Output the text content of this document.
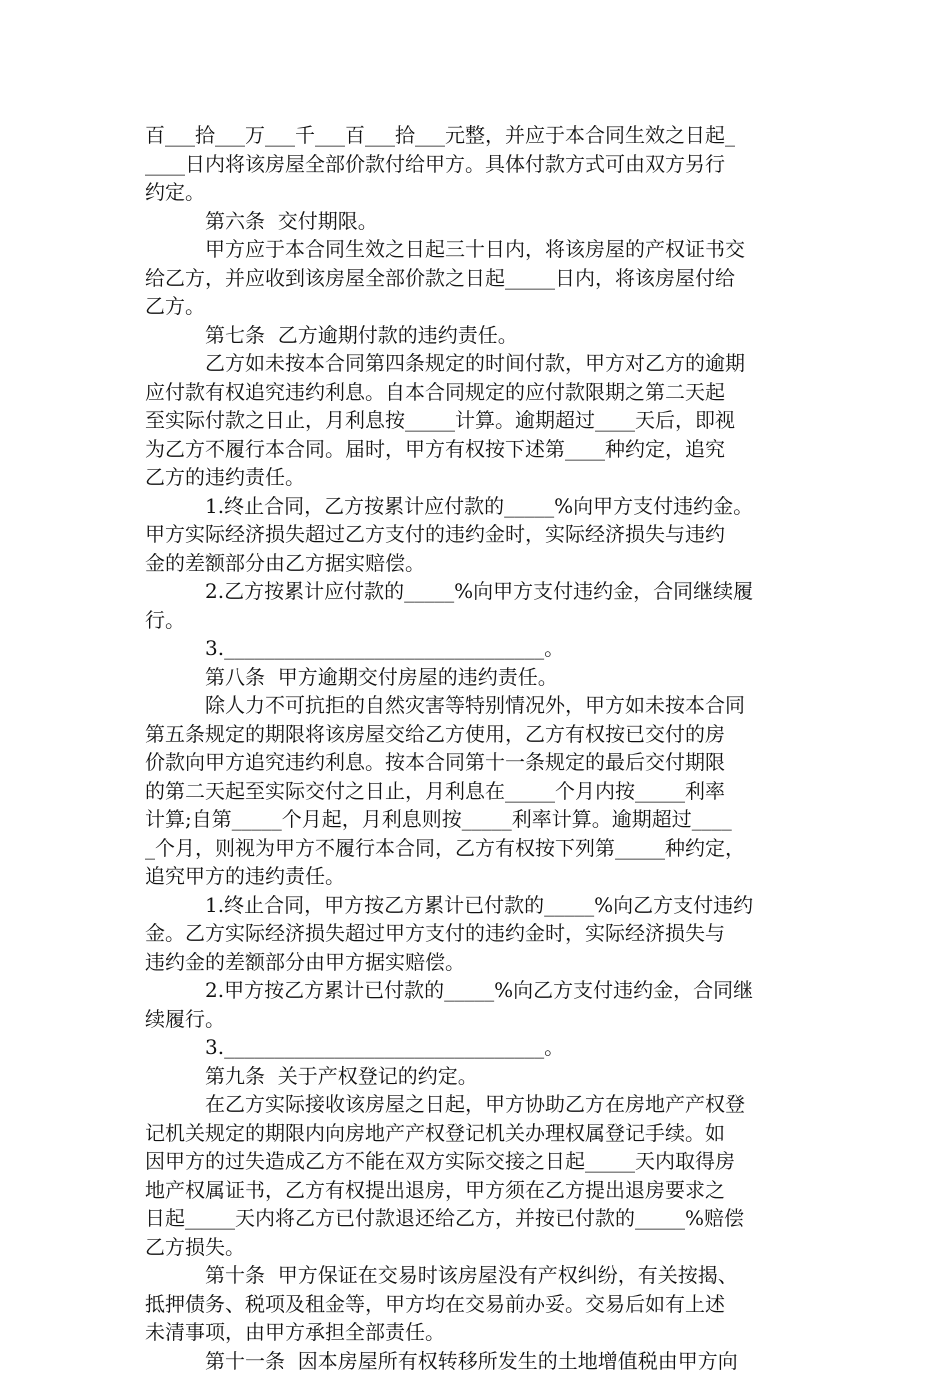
百___拾___万___千___百___拾___元整，并应于本合同生效之日起_
____日内将该房屋全部价款付给甲方。具体付款方式可由双方另行
约定。
　　　第六条  交付期限。
　　　甲方应于本合同生效之日起三十日内，将该房屋的产权证书交
给乙方，并应收到该房屋全部价款之日起_____日内，将该房屋付给
乙方。
　　　第七条  乙方逾期付款的违约责任。
　　　乙方如未按本合同第四条规定的时间付款，甲方对乙方的逾期
应付款有权追究违约利息。自本合同规定的应付款限期之第二天起
至实际付款之日止，月利息按_____计算。逾期超过____天后，即视
为乙方不履行本合同。届时，甲方有权按下述第____种约定，追究
乙方的违约责任。
　　　1.终止合同，乙方按累计应付款的_____%向甲方支付违约金。
甲方实际经济损失超过乙方支付的违约金时，实际经济损失与违约
金的差额部分由乙方据实赔偿。
　　　2.乙方按累计应付款的_____%向甲方支付违约金，合同继续履
行。
　　　3.________________________________。
　　　第八条  甲方逾期交付房屋的违约责任。
　　　除人力不可抗拒的自然灾害等特别情况外，甲方如未按本合同
第五条规定的期限将该房屋交给乙方使用，乙方有权按已交付的房
价款向甲方追究违约利息。按本合同第十一条规定的最后交付期限
的第二天起至实际交付之日止，月利息在_____个月内按_____利率
计算;自第_____个月起，月利息则按_____利率计算。逾期超过____
_个月，则视为甲方不履行本合同，乙方有权按下列第_____种约定，
追究甲方的违约责任。
　　　1.终止合同，甲方按乙方累计已付款的_____%向乙方支付违约
金。乙方实际经济损失超过甲方支付的违约金时，实际经济损失与
违约金的差额部分由甲方据实赔偿。
　　　2.甲方按乙方累计已付款的_____%向乙方支付违约金，合同继
续履行。
　　　3.________________________________。
　　　第九条  关于产权登记的约定。
　　　在乙方实际接收该房屋之日起，甲方协助乙方在房地产产权登
记机关规定的期限内向房地产产权登记机关办理权属登记手续。如
因甲方的过失造成乙方不能在双方实际交接之日起_____天内取得房
地产权属证书，乙方有权提出退房，甲方须在乙方提出退房要求之
日起_____天内将乙方已付款退还给乙方，并按已付款的_____%赔偿
乙方损失。
　　　第十条  甲方保证在交易时该房屋没有产权纠纷，有关按揭、
抵押债务、税项及租金等，甲方均在交易前办妥。交易后如有上述
未清事项，由甲方承担全部责任。
　　　第十一条  因本房屋所有权转移所发生的土地增值税由甲方向
